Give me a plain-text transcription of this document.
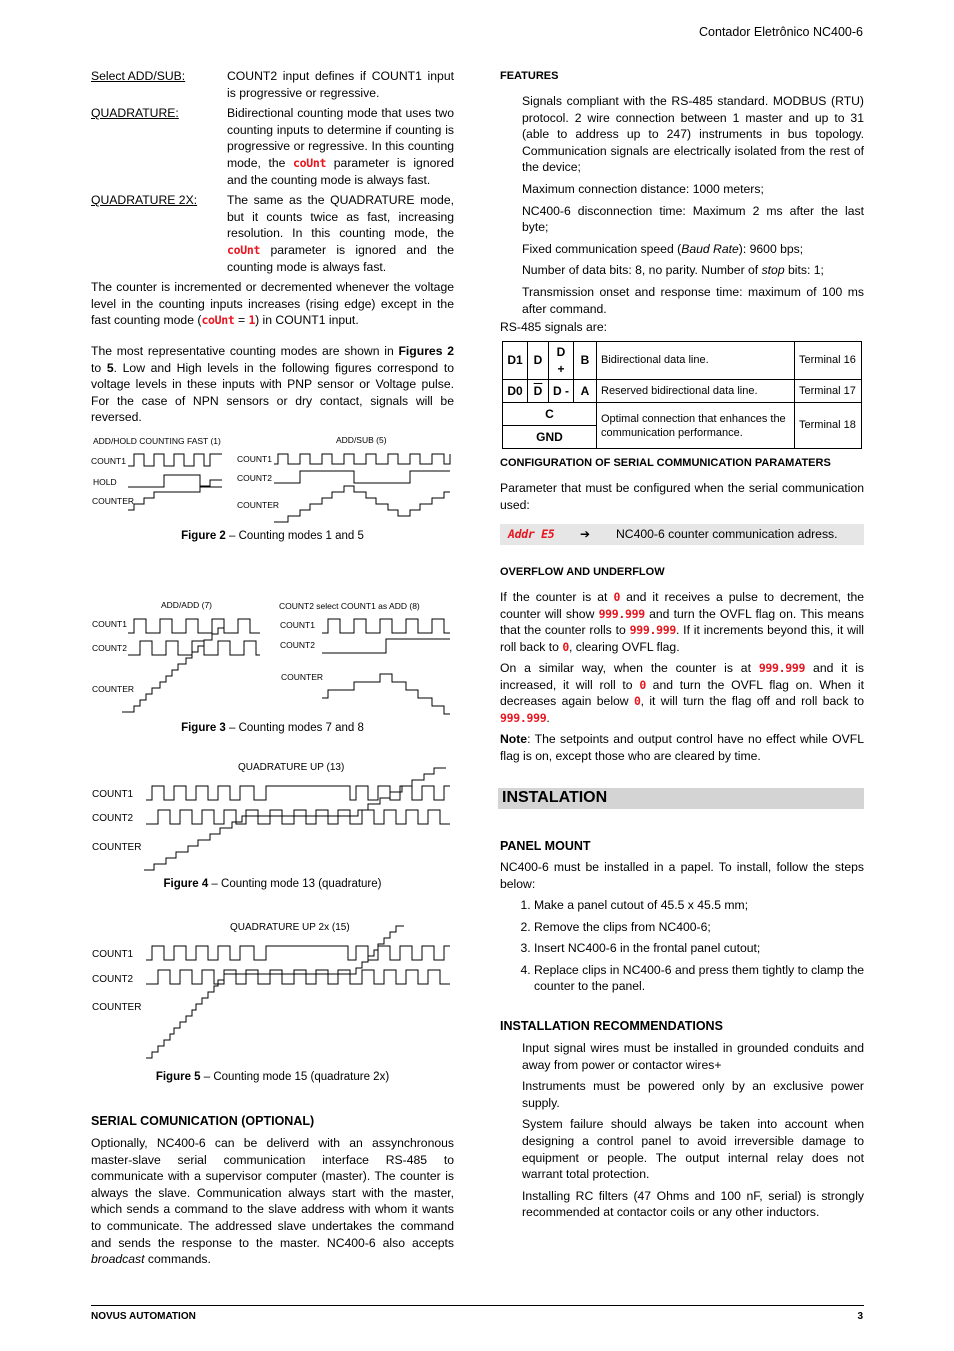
Contador Eletrônico NC400-6
Select ADD/SUB:	COUNT2 input defines if COUNT1 input is progressive or regressive.
QUADRATURE:	Bidirectional counting mode that uses two counting inputs to determine if counting is progressive or regressive. In this counting mode, the coUnt parameter is ignored and the counting mode is always fast.
QUADRATURE 2X:	The same as the QUADRATURE mode, but it counts twice as fast, increasing resolution. In this counting mode, the coUnt parameter is ignored and the counting mode is always fast.

The counter is incremented or decremented whenever the voltage level in the counting inputs increases (rising edge) except in the fast counting mode (coUnt = 1) in COUNT1 input.

The most representative counting modes are shown in Figures 2 to 5. Low and High levels in the following figures correspond to voltage levels in these inputs with PNP sensor or Voltage pulse. For the case of NPN sensors or dry contact, signals will be reversed.

ADD/HOLD COUNTING FAST (1)	ADD/SUB (5)
COUNT1
HOLD
COUNTER
COUNT1
COUNT2
COUNTER
Figure 2 – Counting modes 1 and 5
ADD/ADD (7)	COUNT2 select COUNT1 as ADD (8)
COUNT1
COUNT2
COUNTER
COUNT1
COUNT2
COUNTER
Figure 3 – Counting modes 7 and 8
QUADRATURE UP (13)
COUNT1
COUNT2
COUNTER
Figure 4 – Counting mode 13 (quadrature)
QUADRATURE UP 2x (15)
COUNT1
COUNT2
COUNTER
Figure 5 – Counting mode 15 (quadrature 2x)
SERIAL COMUNICATION (OPTIONAL)

Optionally, NC400-6 can be deliverd with an assynchronous master-slave serial communication interface RS-485 to communicate with a supervisor computer (master). The counter is always the slave. Communication always start with the master, which sends a command to the slave address with whom it wants to communicate. The addressed slave undertakes the command and sends the response to the master. NC400-6 also accepts broadcast commands.

FEATURES

Signals compliant with the RS-485 standard. MODBUS (RTU) protocol. 2 wire connection between 1 master and up to 31 (able to address up to 247) instruments in bus topology. Communication signals are electrically isolated from the rest of the device;

Maximum connection distance: 1000 meters;

NC400-6 disconnection time: Maximum 2 ms after the last byte;

Fixed communication speed (Baud Rate): 9600 bps;

Number of data bits: 8, no parity. Number of stop bits: 1;

Transmission onset and response time: maximum of 100 ms after command.

RS-485 signals are:
D1	D	D +	B	Bidirectional data line.	Terminal 16
D0	$\overline{D}$	D -	A	Reserved bidirectional data line.	Terminal 17
C				Optimal connection that enhances the communication performance.	Terminal 18
GND					
CONFIGURATION OF SERIAL COMMUNICATION PARAMATERS

Parameter that must be configured when the serial communication used:

Addr E5	➔	NC400-6 counter communication adress.
OVERFLOW AND UNDERFLOW

If the counter is at 0 and it receives a pulse to decrement, the counter will show 999.999 and turn the OVFL flag on. This means that the counter rolls to 999.999. If it increments beyond this, it will roll back to 0, clearing OVFL flag.

On a similar way, when the counter is at 999.999 and it is increased, it will roll to 0 and turn the OVFL flag on. When it decreases again below 0, it will turn the flag off and roll back to 999.999.

Note: The setpoints and output control have no effect while OVFL flag is on, except those who are cleared by time.

INSTALATION
PANEL MOUNT

NC400-6 must be installed in a papel. To install, follow the steps below:

1. Make a panel cutout of 45.5 x 45.5 mm;
2. Remove the clips from NC400-6;
3. Insert NC400-6 in the frontal panel cutout;
4. Replace clips in NC400-6 and press them tightly to clamp the counter to the panel.
INSTALLATION RECOMMENDATIONS

Input signal wires must be installed in grounded conduits and away from power or contactor wires+

Instruments must be powered only by an exclusive power supply.

System failure should always be taken into account when designing a control panel to avoid irreversible damage to equipment or people. The output internal relay does not warrant total protection.

Installing RC filters (47 Ohms and 100 nF, serial) is strongly recommended at contactor coils or any other inductors.

NOVUS AUTOMATION	3
